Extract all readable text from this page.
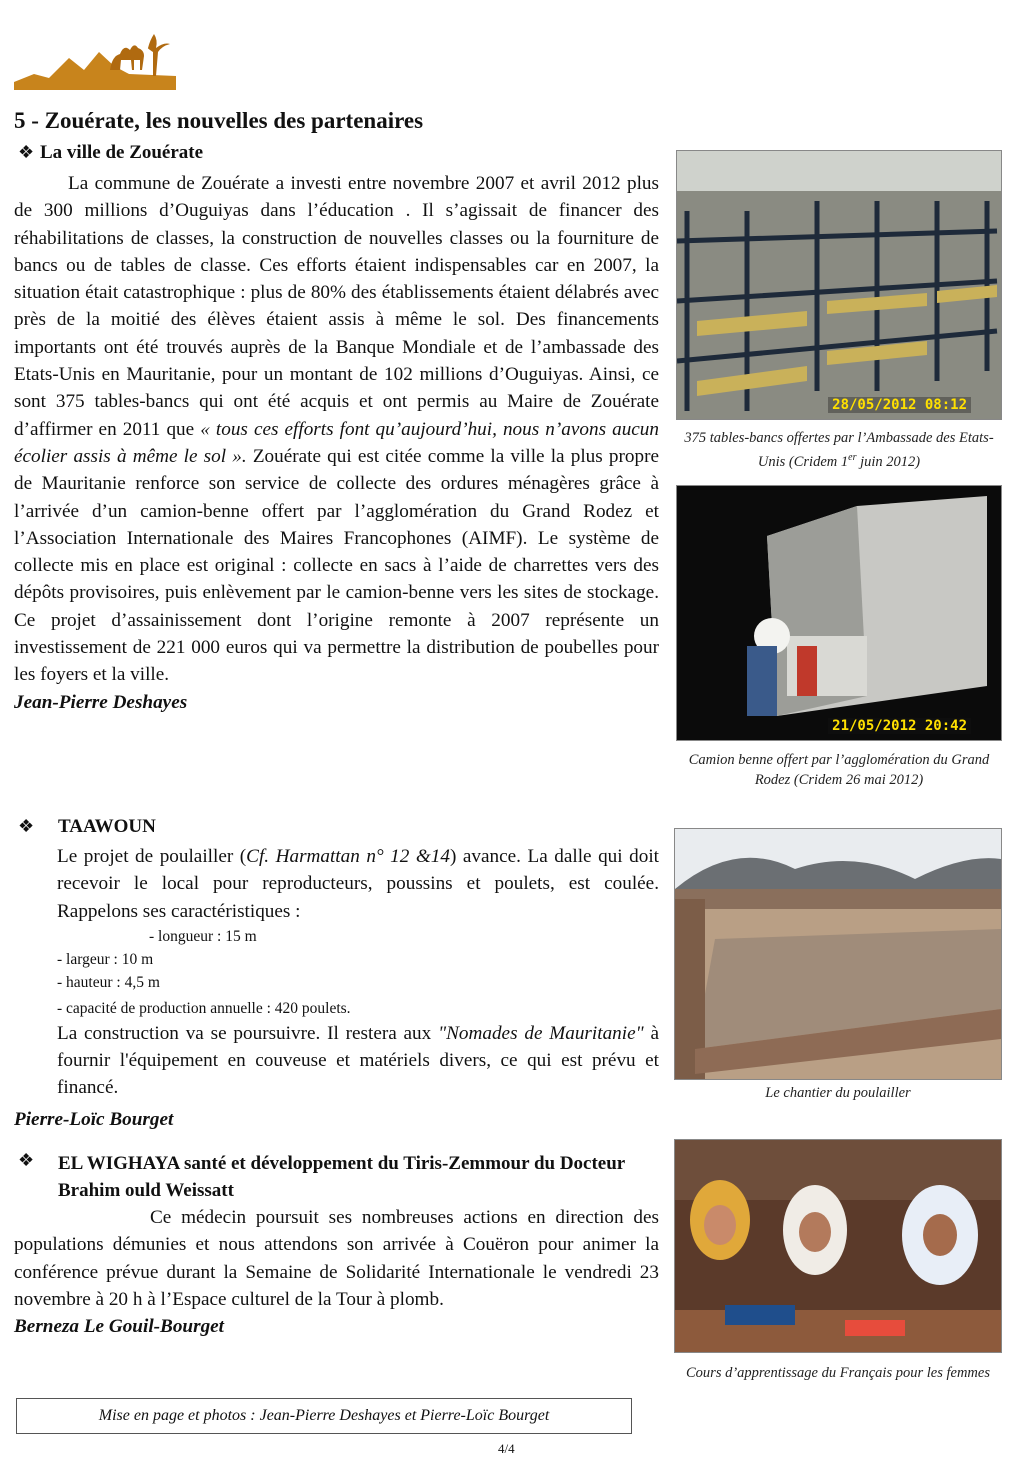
5 - Zouérate, les nouvelles des partenaires
❖ La ville de Zouérate

La commune de Zouérate a investi entre novembre 2007 et avril 2012 plus de 300 millions d’Ouguiyas dans l’éducation . Il s’agissait de financer des réhabilitations de classes, la construction de nouvelles classes ou la fourniture de bancs ou de tables de classe. Ces efforts étaient indispensables car en 2007, la situation était catastrophique : plus de 80% des établissements étaient délabrés avec près de la moitié des élèves étaient assis à même le sol. Des financements importants ont été trouvés auprès de la Banque Mondiale et de l’ambassade des Etats-Unis en Mauritanie, pour un montant de 102 millions d’Ouguiyas. Ainsi, ce sont 375 tables-bancs qui ont été acquis et ont permis au Maire de Zouérate d’affirmer en 2011 que « tous ces efforts font qu’aujourd’hui, nous n’avons aucun écolier assis à même le sol ». Zouérate qui est citée comme la ville la plus propre de Mauritanie renforce son service de collecte des ordures ménagères grâce à l’arrivée d’un camion-benne offert par l’agglomération du Grand Rodez et l’Association Internationale des Maires Francophones (AIMF). Le système de collecte mis en place est original : collecte en sacs à l’aide de charrettes vers des dépôts provisoires, puis enlèvement par le camion-benne vers les sites de stockage. Ce projet d’assainissement dont l’origine remonte à 2007 représente un investissement de 221 000 euros qui va permettre la distribution de poubelles pour les foyers et la ville.

Jean-Pierre Deshayes
❖ TAAWOUN

Le projet de poulailler (Cf. Harmattan n° 12 &14) avance. La dalle qui doit recevoir le local pour reproducteurs, poussins et poulets, est coulée. Rappelons ses caractéristiques :

- longueur : 15 m
- largeur : 10 m
- hauteur : 4,5 m
- capacité de production annuelle : 420 poulets.

La construction va se poursuivre. Il restera aux "Nomades de Mauritanie" à fournir l'équipement en couveuse et matériels divers, ce qui est prévu et financé.

Pierre-Loïc Bourget
❖ EL WIGHAYA santé et développement du Tiris-Zemmour du Docteur Brahim ould Weissatt

Ce médecin poursuit ses nombreuses actions en direction des populations démunies et nous attendons son arrivée à Couëron pour animer la conférence prévue durant la Semaine de Solidarité Internationale le vendredi 23 novembre à 20 h à l’Espace culturel de la Tour à plomb.

Berneza Le Gouil-Bourget
28/05/2012 08:12
375 tables-bancs offertes par l’Ambassade des Etats-Unis (Cridem 1er juin 2012)
21/05/2012 20:42
Camion benne offert par l’agglomération du Grand Rodez (Cridem 26 mai 2012)
Le chantier du poulailler
Cours d’apprentissage du Français pour les femmes
Mise en page et photos : Jean-Pierre Deshayes et Pierre-Loïc Bourget
4/4
